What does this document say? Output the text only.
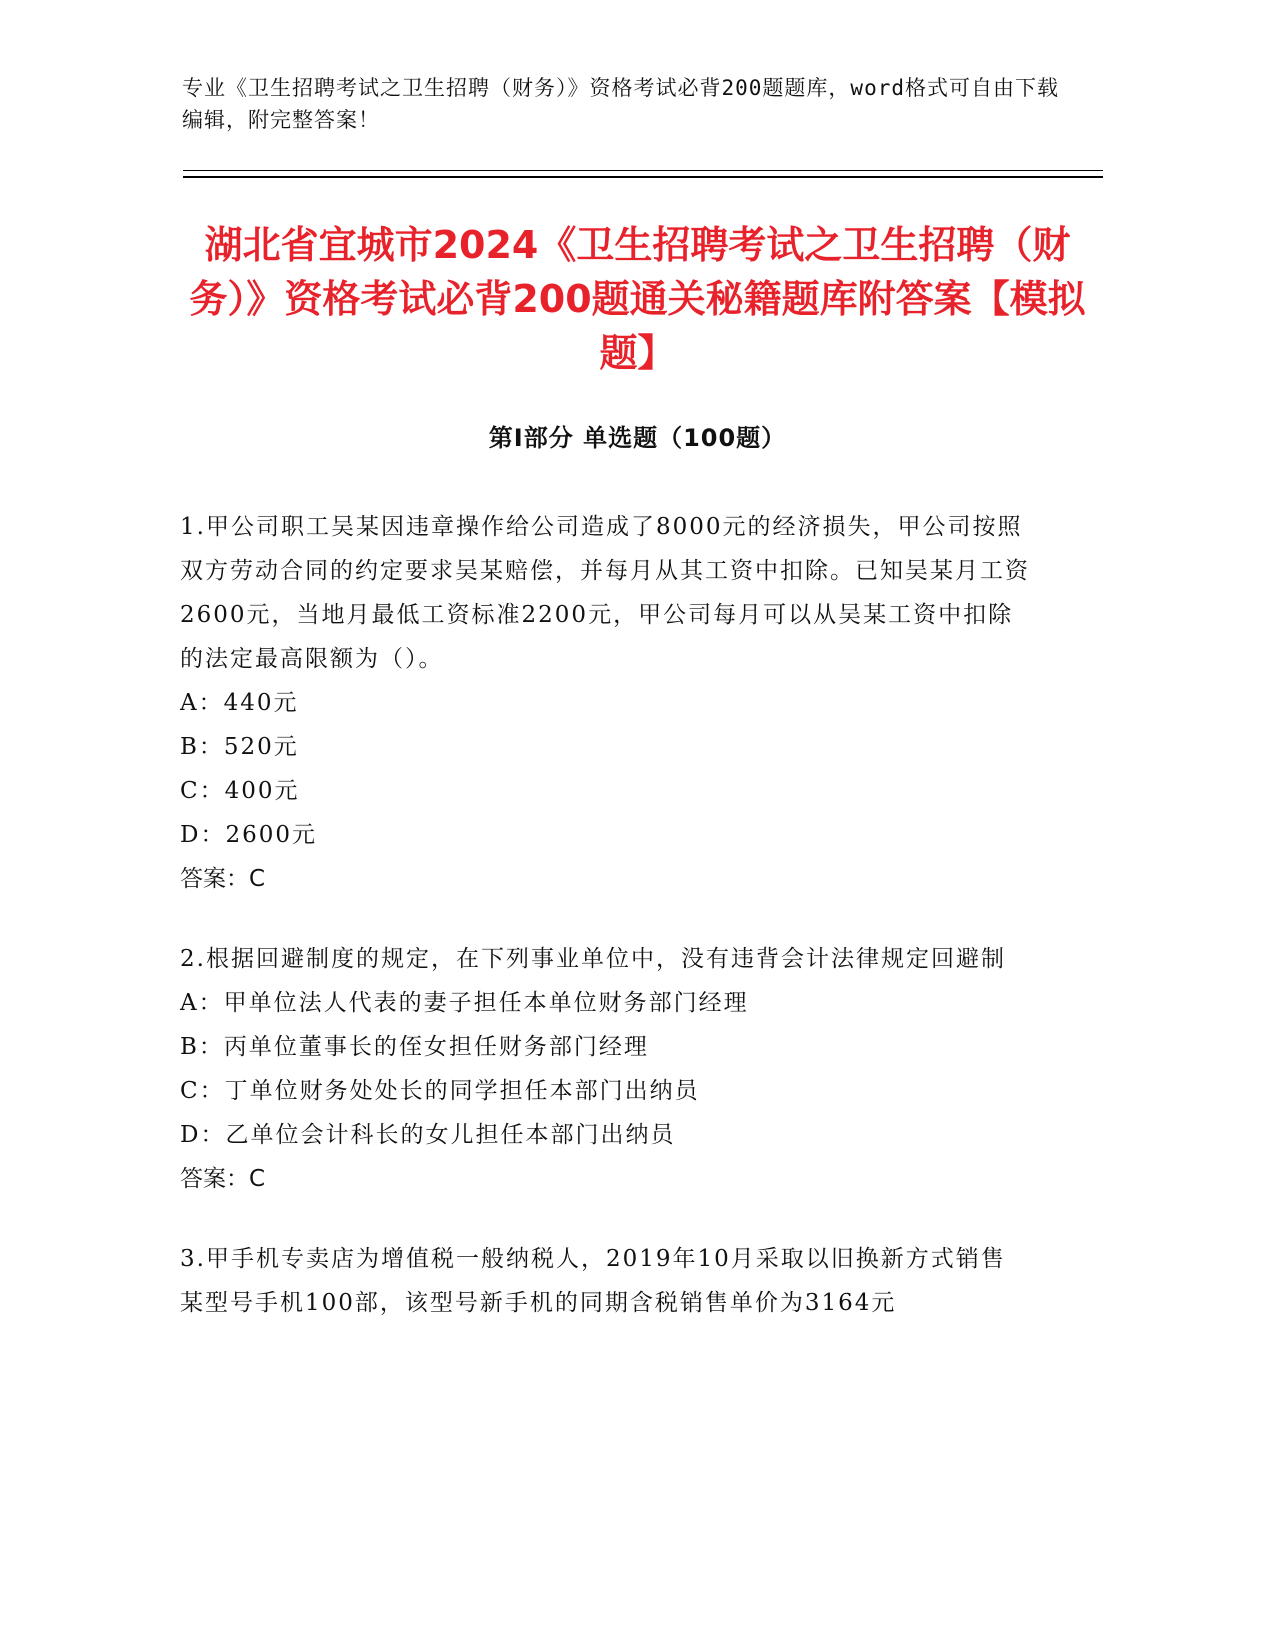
专业《卫生招聘考试之卫生招聘（财务）》资格考试必背200题题库，word格式可自由下载编辑，附完整答案！
湖北省宜城市2024《卫生招聘考试之卫生招聘（财务）》资格考试必背200题通关秘籍题库附答案【模拟题】
第Ⅰ部分 单选题（100题）

1.甲公司职工吴某因违章操作给公司造成了8000元的经济损失，甲公司按照双方劳动合同的约定要求吴某赔偿，并每月从其工资中扣除。已知吴某月工资2600元，当地月最低工资标准2200元，甲公司每月可以从吴某工资中扣除的法定最高限额为（）。

A：440元

B：520元

C：400元

D：2600元

答案：C

2.根据回避制度的规定，在下列事业单位中，没有违背会计法律规定回避制

A：甲单位法人代表的妻子担任本单位财务部门经理

B：丙单位董事长的侄女担任财务部门经理

C：丁单位财务处处长的同学担任本部门出纳员

D：乙单位会计科长的女儿担任本部门出纳员

答案：C

3.甲手机专卖店为增值税一般纳税人，2019年10月采取以旧换新方式销售某型号手机100部，该型号新手机的同期含税销售单价为3164元
